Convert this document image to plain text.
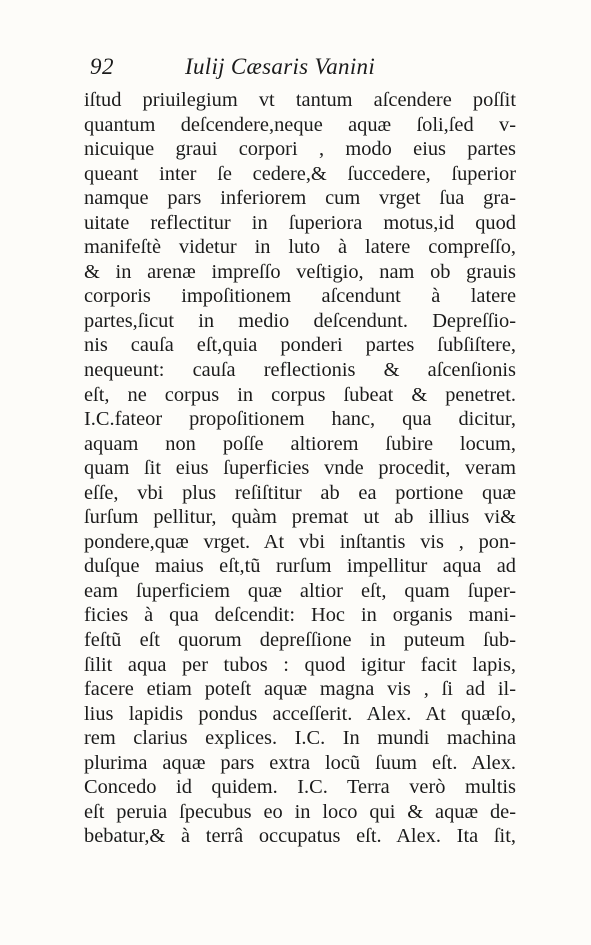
92	Iulij Cæsaris Vanini
iſtud priuilegium vt tantum aſcendere poſſit
quantum deſcendere,neque aquæ ſoli,ſed v-
nicuique graui corpori , modo eius partes
queant inter ſe cedere,& ſuccedere, ſuperior
namque pars inferiorem cum vrget ſua gra-
uitate reflectitur in ſuperiora motus,id quod
manifeſtè videtur in luto à latere compreſſo,
& in arenæ impreſſo veſtigio, nam ob grauis
corporis impoſitionem aſcendunt à latere
partes,ſicut in medio deſcendunt. Depreſſio-
nis cauſa eſt,quia ponderi partes ſubſiſtere,
nequeunt: cauſa reflectionis & aſcenſionis
eſt, ne corpus in corpus ſubeat & penetret.
I.C.fateor propoſitionem hanc, qua dicitur,
aquam non poſſe altiorem ſubire locum,
quam ſit eius ſuperficies vnde procedit, veram
eſſe, vbi plus reſiſtitur ab ea portione quæ
ſurſum pellitur, quàm premat ut ab illius vi&
pondere,quæ vrget. At vbi inſtantis vis , pon-
duſque maius eſt,tũ rurſum impellitur aqua ad
eam ſuperficiem quæ altior eſt, quam ſuper-
ficies à qua deſcendit: Hoc in organis mani-
feſtũ eſt quorum depreſſione in puteum ſub-
ſilit aqua per tubos : quod igitur facit lapis,
facere etiam poteſt aquæ magna vis , ſi ad il-
lius lapidis pondus acceſſerit. Alex. At quæſo,
rem clarius explices. I.C. In mundi machina
plurima aquæ pars extra locũ ſuum eſt. Alex.
Concedo id quidem. I.C. Terra verò multis
eſt peruia ſpecubus eo in loco qui & aquæ de-
bebatur,& à terrâ occupatus eſt. Alex. Ita ſit,
